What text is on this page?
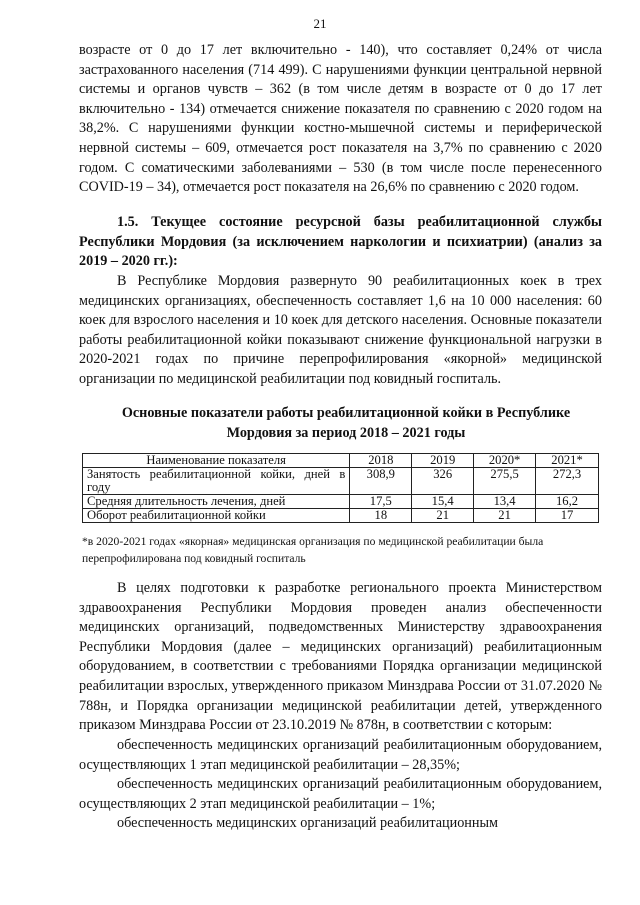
21

возрасте от 0 до 17 лет включительно - 140), что составляет 0,24% от числа застрахованного населения (714 499). С нарушениями функции центральной нервной системы и органов чувств – 362 (в том числе детям в возрасте от 0 до 17 лет включительно - 134) отмечается снижение показателя по сравнению с 2020 годом на 38,2%. С нарушениями функции костно-мышечной системы и периферической нервной системы – 609, отмечается рост показателя на 3,7% по сравнению с 2020 годом. С соматическими заболеваниями – 530 (в том числе после перенесенного COVID-19 – 34), отмечается рост показателя на 26,6% по сравнению с 2020 годом.

1.5. Текущее состояние ресурсной базы реабилитационной службы Республики Мордовия (за исключением наркологии и психиатрии) (анализ за 2019 – 2020 гг.):

В Республике Мордовия развернуто 90 реабилитационных коек в трех медицинских организациях, обеспеченность составляет 1,6 на 10 000 населения: 60 коек для взрослого населения и 10 коек для детского населения. Основные показатели работы реабилитационной койки показывают снижение функциональной нагрузки в 2020-2021 годах по причине перепрофилирования «якорной» медицинской организации по медицинской реабилитации под ковидный госпиталь.

Основные показатели работы реабилитационной койки в Республике Мордовия за период 2018 – 2021 годы

Наименование показателя	2018	2019	2020*	2021*
Занятость реабилитационной койки, дней в году	308,9	326	275,5	272,3
Средняя длительность лечения, дней	17,5	15,4	13,4	16,2
Оборот реабилитационной койки	18	21	21	17

*в 2020-2021 годах «якорная» медицинская организация по медицинской реабилитации была перепрофилирована под ковидный госпиталь

В целях подготовки к разработке регионального проекта Министерством здравоохранения Республики Мордовия проведен анализ обеспеченности медицинских организаций, подведомственных Министерству здравоохранения Республики Мордовия (далее – медицинских организаций) реабилитационным оборудованием, в соответствии с требованиями Порядка организации медицинской реабилитации взрослых, утвержденного приказом Минздрава России от 31.07.2020 № 788н, и Порядка организации медицинской реабилитации детей, утвержденного приказом Минздрава России от 23.10.2019 № 878н, в соответствии с которым:

обеспеченность медицинских организаций реабилитационным оборудованием, осуществляющих 1 этап медицинской реабилитации – 28,35%;

обеспеченность медицинских организаций реабилитационным оборудованием, осуществляющих 2 этап медицинской реабилитации – 1%;

обеспеченность медицинских организаций реабилитационным
